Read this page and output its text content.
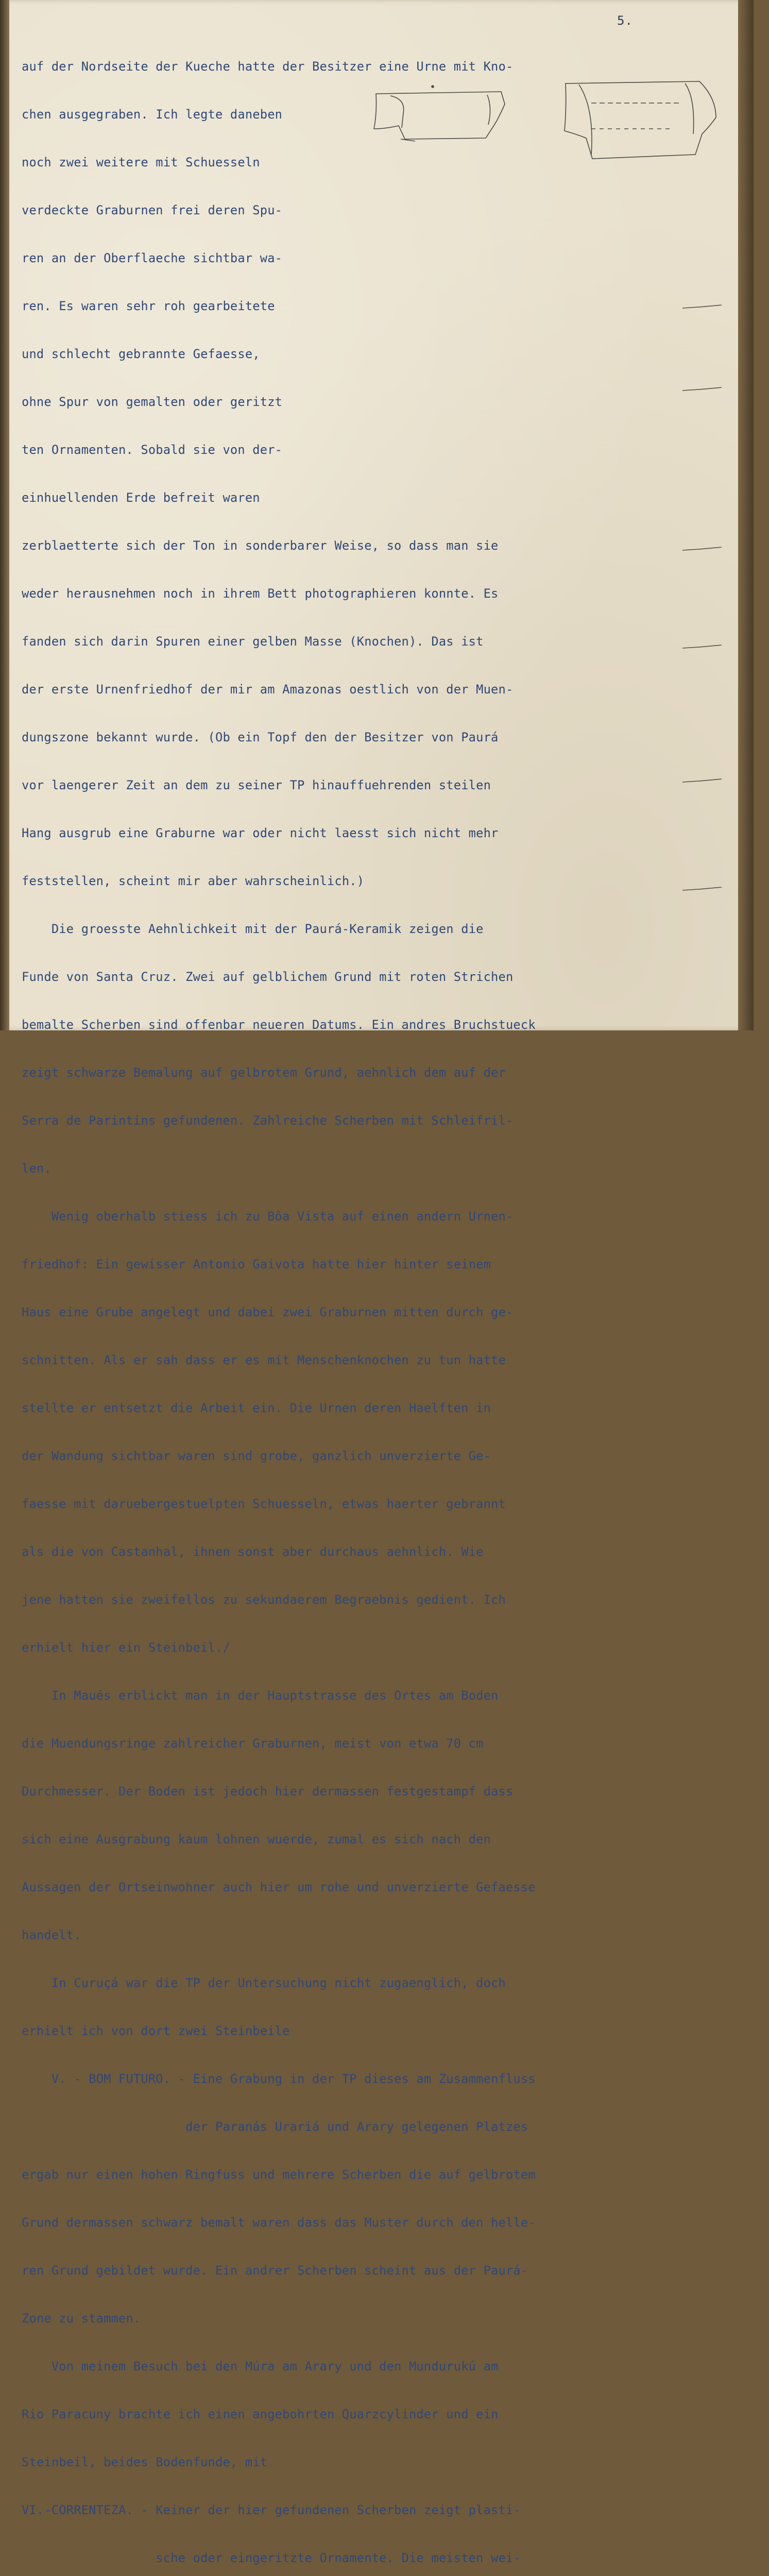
5.

auf der Nordseite der Kueche hatte der Besitzer eine Urne mit Kno-

chen ausgegraben. Ich legte daneben

noch zwei weitere mit Schuesseln

verdeckte Graburnen frei deren Spu-

ren an der Oberflaeche sichtbar wa-

ren. Es waren sehr roh gearbeitete

und schlecht gebrannte Gefaesse,

ohne Spur von gemalten oder geritzt

ten Ornamenten. Sobald sie von der-

einhuellenden Erde befreit waren

zerblaetterte sich der Ton in sonderbarer Weise, so dass man sie

weder herausnehmen noch in ihrem Bett photographieren konnte. Es

fanden sich darin Spuren einer gelben Masse (Knochen). Das ist

der erste Urnenfriedhof der mir am Amazonas oestlich von der Muen-

dungszone bekannt wurde. (Ob ein Topf den der Besitzer von Paurá

vor laengerer Zeit an dem zu seiner TP hinauffuehrenden steilen

Hang ausgrub eine Graburne war oder nicht laesst sich nicht mehr

feststellen, scheint mir aber wahrscheinlich.)

Die groesste Aehnlichkeit mit der Paurá-Keramik zeigen die

Funde von Santa Cruz. Zwei auf gelblichem Grund mit roten Strichen

bemalte Scherben sind offenbar neueren Datums. Ein andres Bruchstueck

zeigt schwarze Bemalung auf gelbrotem Grund, aehnlich dem auf der

Serra de Parintins gefundenen. Zahlreiche Scherben mit Schleifril-

len.

Wenig oberhalb stiess ich zu Bôa Vista auf einen andern Urnen-

friedhof: Ein gewisser Antonio Gaivota hatte hier hinter seinem

Haus eine Grube angelegt und dabei zwei Graburnen mitten durch ge-

schnitten. Als er sah dass er es mit Menschenknochen zu tun hatte

stellte er entsetzt die Arbeit ein. Die Urnen deren Haelften in

der Wandung sichtbar waren sind grobe, ganzlich unverzierte Ge-

faesse mit daruebergestuelpten Schuesseln, etwas haerter gebrannt

als die von Castanhal, ihnen sonst aber durchaus aehnlich. Wie

jene hatten sie zweifellos zu sekundaerem Begraebnis gedient. Ich

erhielt hier ein Steinbeil./

In Maués erblickt man in der Hauptstrasse des Ortes am Boden

die Muendungsringe zahlreicher Graburnen, meist von etwa 70 cm

Durchmesser. Der Boden ist jedoch hier dermassen festgestampf dass

sich eine Ausgrabung kaum lohnen wuerde, zumal es sich nach den

Aussagen der Ortseinwohner auch hier um rohe und unverzierte Gefaesse

handelt.

In Curuçá war die TP der Untersuchung nicht zugaenglich, doch

erhielt ich von dort zwei Steinbeile

V. - BOM FUTURO. - Eine Grabung in der TP dieses am Zusammenfluss

der Paranás Urariá und Arary gelegenen Platzes

ergab nur einen hohen Ringfuss und mehrere Scherben die auf gelbrotem

Grund dermassen schwarz bemalt waren dass das Muster durch den helle-

ren Grund gebildet wurde. Ein andrer Scherben scheint aus der Paurá-

Zone zu stammen.

Von meinem Besuch bei den Múra am Arary und den Mundurukú am

Rio Paracuny brachte ich einen angebohrten Quarzcylinder und ein

Steinbeil, beides Bodenfunde, mit

VI.-CORRENTEZA. - Keiner der hier gefundenen Scherben zeigt plasti-

sche oder eingeritzte Ornamente. Die meisten wei-
